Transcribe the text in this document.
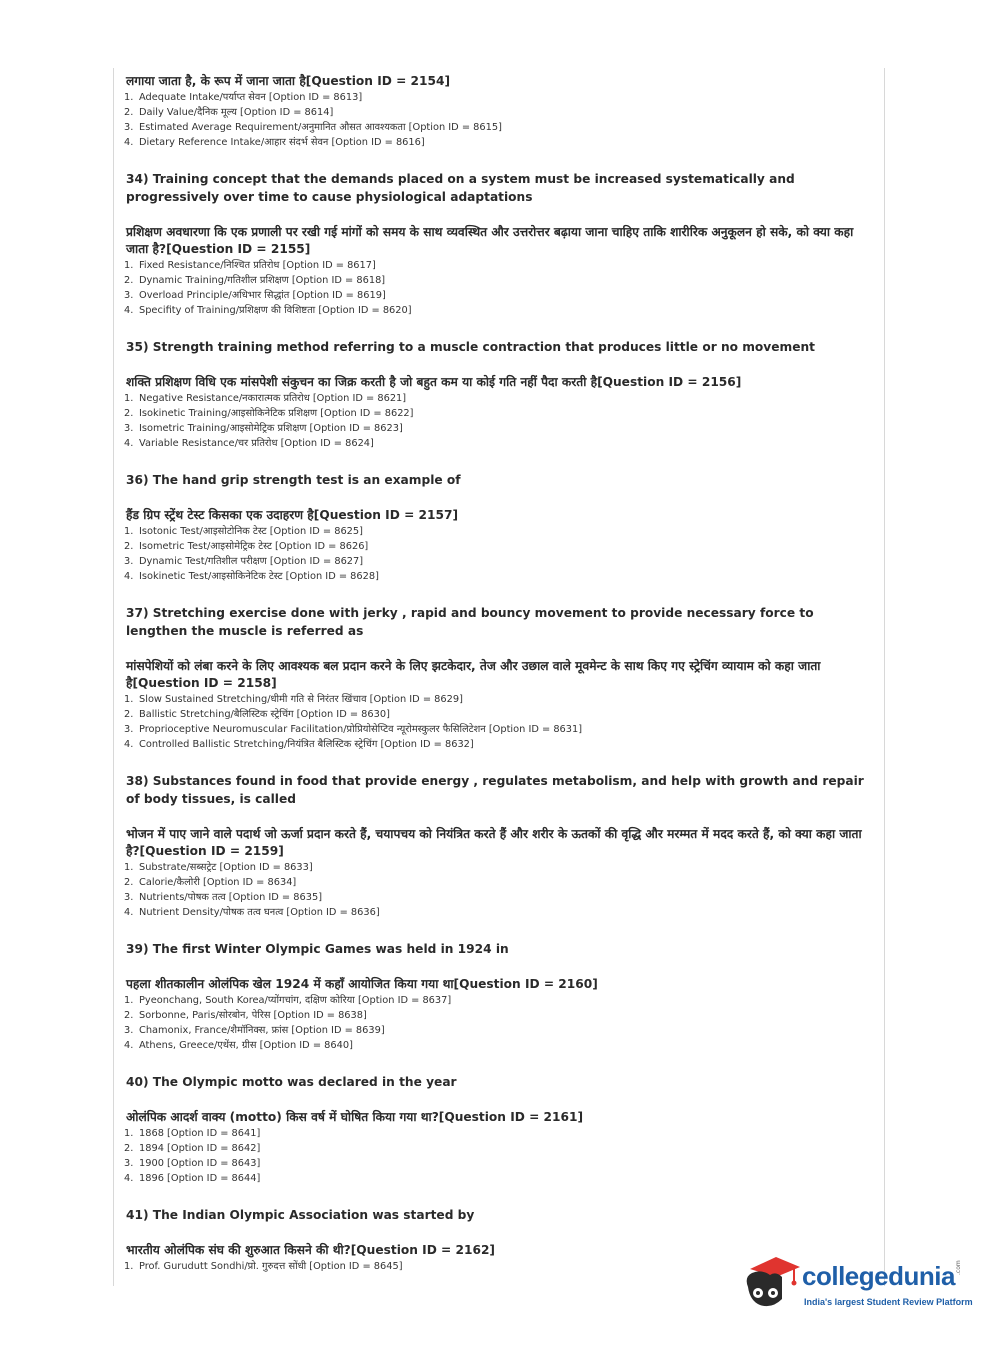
लगाया जाता है, के रूप में जाना जाता है[Question ID = 2154]

1. Adequate Intake/पर्याप्त सेवन [Option ID = 8613]
2. Daily Value/दैनिक मूल्य [Option ID = 8614]
3. Estimated Average Requirement/अनुमानित औसत आवश्यकता [Option ID = 8615]
4. Dietary Reference Intake/आहार संदर्भ सेवन [Option ID = 8616]

34) Training concept that the demands placed on a system must be increased systematically and progressively over time to cause physiological adaptations

प्रशिक्षण अवधारणा कि एक प्रणाली पर रखी गई मांगों को समय के साथ व्यवस्थित और उत्तरोत्तर बढ़ाया जाना चाहिए ताकि शारीरिक अनुकूलन हो सके, को क्या कहा जाता है?[Question ID = 2155]

1. Fixed Resistance/निश्चित प्रतिरोध [Option ID = 8617]
2. Dynamic Training/गतिशील प्रशिक्षण [Option ID = 8618]
3. Overload Principle/अधिभार सिद्धांत [Option ID = 8619]
4. Specifity of Training/प्रशिक्षण की विशिष्टता [Option ID = 8620]

35) Strength training method referring to a muscle contraction that produces little or no movement

शक्ति प्रशिक्षण विधि एक मांसपेशी संकुचन का जिक्र करती है जो बहुत कम या कोई गति नहीं पैदा करती है[Question ID = 2156]

1. Negative Resistance/नकारात्मक प्रतिरोध [Option ID = 8621]
2. Isokinetic Training/आइसोकिनेटिक प्रशिक्षण [Option ID = 8622]
3. Isometric Training/आइसोमेट्रिक प्रशिक्षण [Option ID = 8623]
4. Variable Resistance/चर प्रतिरोध [Option ID = 8624]

36) The hand grip strength test is an example of

हैंड ग्रिप स्ट्रेंथ टेस्ट किसका एक उदाहरण है[Question ID = 2157]

1. Isotonic Test/आइसोटोनिक टेस्ट [Option ID = 8625]
2. Isometric Test/आइसोमेट्रिक टेस्ट [Option ID = 8626]
3. Dynamic Test/गतिशील परीक्षण [Option ID = 8627]
4. Isokinetic Test/आइसोकिनेटिक टेस्ट [Option ID = 8628]

37) Stretching exercise done with jerky , rapid and bouncy movement to provide necessary force to lengthen the muscle is referred as

मांसपेशियों को लंबा करने के लिए आवश्यक बल प्रदान करने के लिए झटकेदार, तेज और उछाल वाले मूवमेन्ट के साथ किए गए स्ट्रेचिंग व्यायाम को कहा जाता है[Question ID = 2158]

1. Slow Sustained Stretching/धीमी गति से निरंतर खिंचाव [Option ID = 8629]
2. Ballistic Stretching/बैलिस्टिक स्ट्रेचिंग [Option ID = 8630]
3. Proprioceptive Neuromuscular Facilitation/प्रोप्रियोसेप्टिव न्यूरोमस्कुलर फैसिलिटेशन [Option ID = 8631]
4. Controlled Ballistic Stretching/नियंत्रित बैलिस्टिक स्ट्रेचिंग [Option ID = 8632]

38) Substances found in food that provide energy , regulates metabolism, and help with growth and repair of body tissues, is called

भोजन में पाए जाने वाले पदार्थ जो ऊर्जा प्रदान करते हैं, चयापचय को नियंत्रित करते हैं और शरीर के ऊतकों की वृद्धि और मरम्मत में मदद करते हैं, को क्या कहा जाता है?[Question ID = 2159]

1. Substrate/सब्सट्रेट [Option ID = 8633]
2. Calorie/कैलोरी [Option ID = 8634]
3. Nutrients/पोषक तत्व [Option ID = 8635]
4. Nutrient Density/पोषक तत्व घनत्व [Option ID = 8636]

39) The first Winter Olympic Games was held in 1924 in

पहला शीतकालीन ओलंपिक खेल 1924 में कहाँ आयोजित किया गया था[Question ID = 2160]

1. Pyeonchang, South Korea/प्योंगचांग, दक्षिण कोरिया [Option ID = 8637]
2. Sorbonne, Paris/सोरबोन, पेरिस [Option ID = 8638]
3. Chamonix, France/शैमॉनिक्स, फ्रांस [Option ID = 8639]
4. Athens, Greece/एथेंस, ग्रीस [Option ID = 8640]

40) The Olympic motto was declared in the year

ओलंपिक आदर्श वाक्य (motto) किस वर्ष में घोषित किया गया था?[Question ID = 2161]

1. 1868 [Option ID = 8641]
2. 1894 [Option ID = 8642]
3. 1900 [Option ID = 8643]
4. 1896 [Option ID = 8644]

41) The Indian Olympic Association was started by

भारतीय ओलंपिक संघ की शुरुआत किसने की थी?[Question ID = 2162]

1. Prof. Gurudutt Sondhi/प्रो. गुरुदत्त सोंधी [Option ID = 8645]	collegedunia .com
India's largest Student Review Platform
